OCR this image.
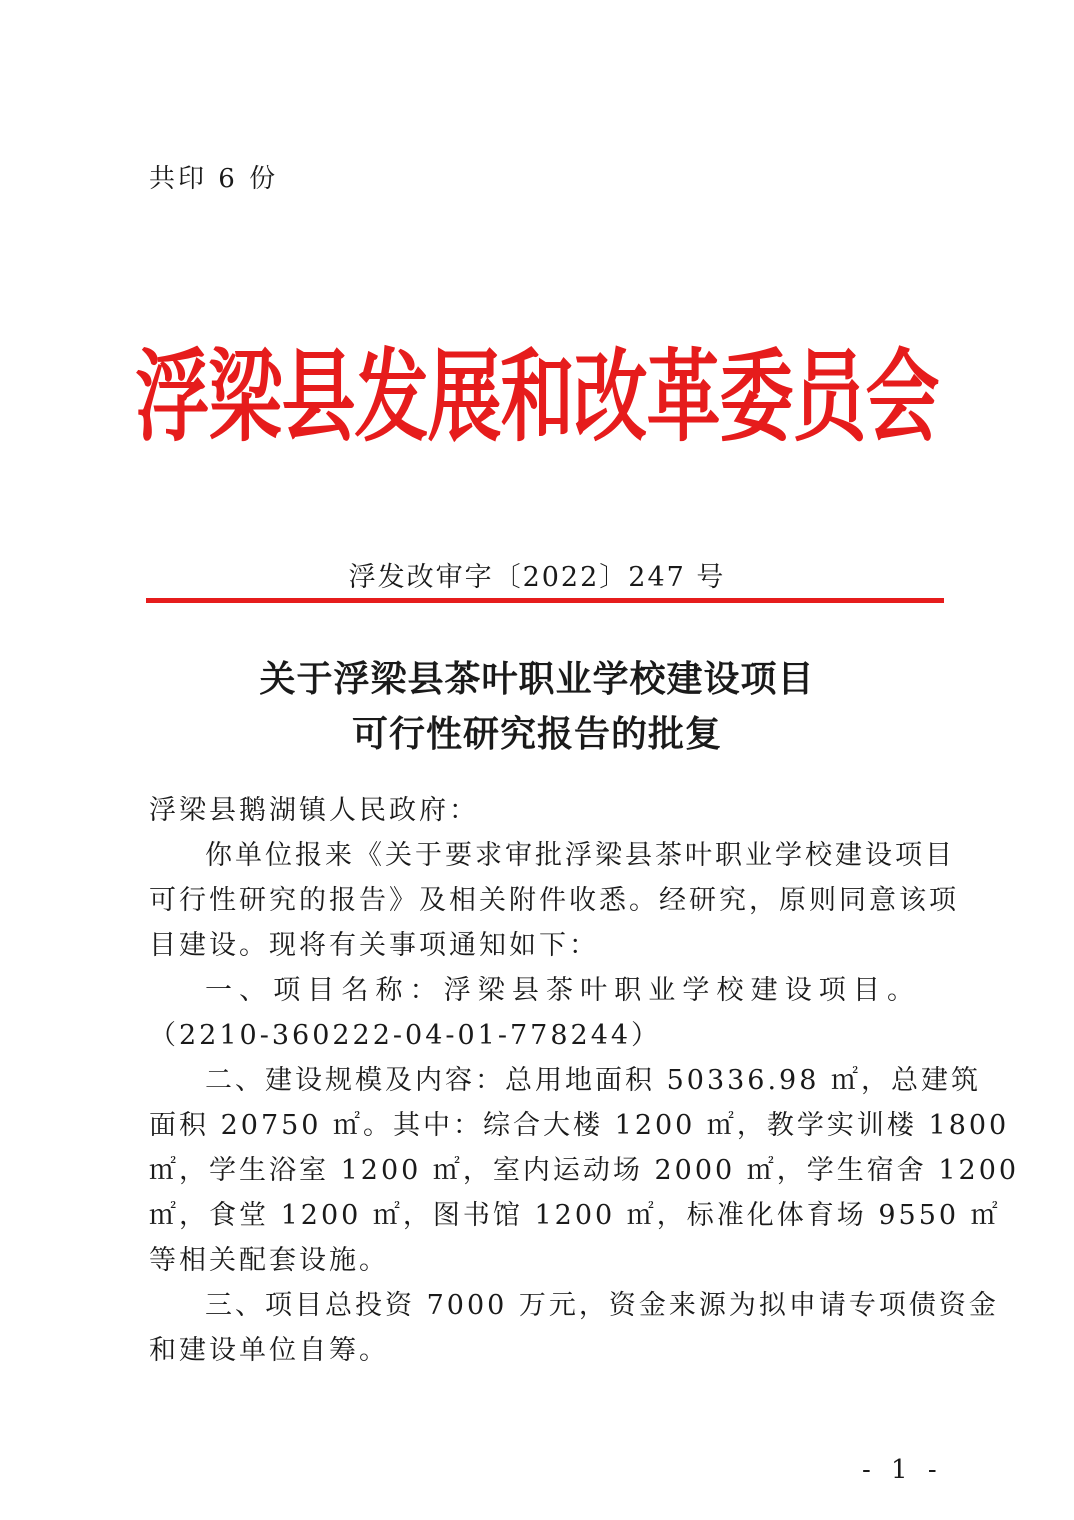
共印 6 份
浮梁县发展和改革委员会
浮发改审字〔2022〕247 号
关于浮梁县茶叶职业学校建设项目
可行性研究报告的批复
浮梁县鹅湖镇人民政府：
你单位报来《关于要求审批浮梁县茶叶职业学校建设项目
可行性研究的报告》及相关附件收悉。经研究，原则同意该项
目建设。现将有关事项通知如下：
一、项目名称：浮梁县茶叶职业学校建设项目。
（2210-360222-04-01-778244）
二、建设规模及内容：总用地面积 50336.98 ㎡，总建筑
面积 20750 ㎡。其中：综合大楼 1200 ㎡，教学实训楼 1800
㎡，学生浴室 1200 ㎡，室内运动场 2000 ㎡，学生宿舍 1200
㎡，食堂 1200 ㎡，图书馆 1200 ㎡，标准化体育场 9550 ㎡
等相关配套设施。
三、项目总投资 7000 万元，资金来源为拟申请专项债资金
和建设单位自筹。
- 1 -
